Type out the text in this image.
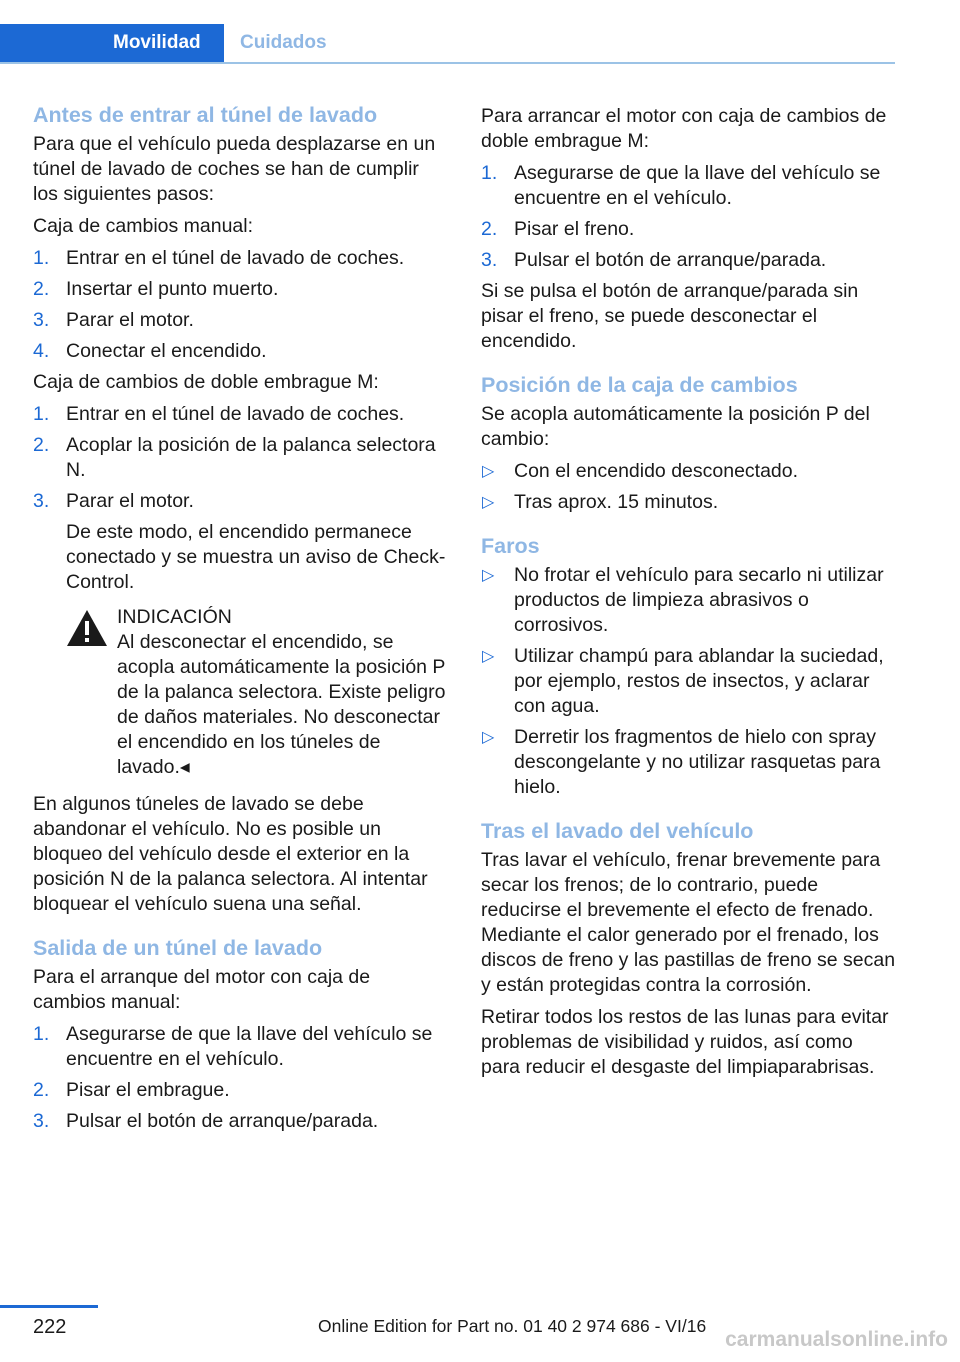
Movilidad	Cuidados
Antes de entrar al túnel de lavado

Para que el vehículo pueda desplazarse en un túnel de lavado de coches se han de cumplir los siguientes pasos:

Caja de cambios manual:

1. Entrar en el túnel de lavado de coches.
2. Insertar el punto muerto.
3. Parar el motor.
4. Conectar el encendido.

Caja de cambios de doble embrague M:

1. Entrar en el túnel de lavado de coches.
2. Acoplar la posición de la palanca selectora N.
3. Parar el motor.
De este modo, el encendido permanece conectado y se muestra un aviso de Check-Control.
INDICACIÓN
Al desconectar el encendido, se acopla automáticamente la posición P de la palanca selectora. Existe peligro de daños materiales. No desconectar el encendido en los túneles de lavado.◂

En algunos túneles de lavado se debe abandonar el vehículo. No es posible un bloqueo del vehículo desde el exterior en la posición N de la palanca selectora. Al intentar bloquear el vehículo suena una señal.

Salida de un túnel de lavado

Para el arranque del motor con caja de cambios manual:

1. Asegurarse de que la llave del vehículo se encuentre en el vehículo.
2. Pisar el embrague.
3. Pulsar el botón de arranque/parada.

Para arrancar el motor con caja de cambios de doble embrague M:

1. Asegurarse de que la llave del vehículo se encuentre en el vehículo.
2. Pisar el freno.
3. Pulsar el botón de arranque/parada.

Si se pulsa el botón de arranque/parada sin pisar el freno, se puede desconectar el encendido.

Posición de la caja de cambios

Se acopla automáticamente la posición P del cambio:

▷ Con el encendido desconectado.
▷ Tras aprox. 15 minutos.
Faros
▷ No frotar el vehículo para secarlo ni utilizar productos de limpieza abrasivos o corrosivos.
▷ Utilizar champú para ablandar la suciedad, por ejemplo, restos de insectos, y aclarar con agua.
▷ Derretir los fragmentos de hielo con spray descongelante y no utilizar rasquetas para hielo.
Tras el lavado del vehículo

Tras lavar el vehículo, frenar brevemente para secar los frenos; de lo contrario, puede reducirse el brevemente el efecto de frenado. Mediante el calor generado por el frenado, los discos de freno y las pastillas de freno se secan y están protegidas contra la corrosión.

Retirar todos los restos de las lunas para evitar problemas de visibilidad y ruidos, así como para reducir el desgaste del limpiaparabrisas.

222	Online Edition for Part no. 01 40 2 974 686 - VI/16
carmanualsonline.info
